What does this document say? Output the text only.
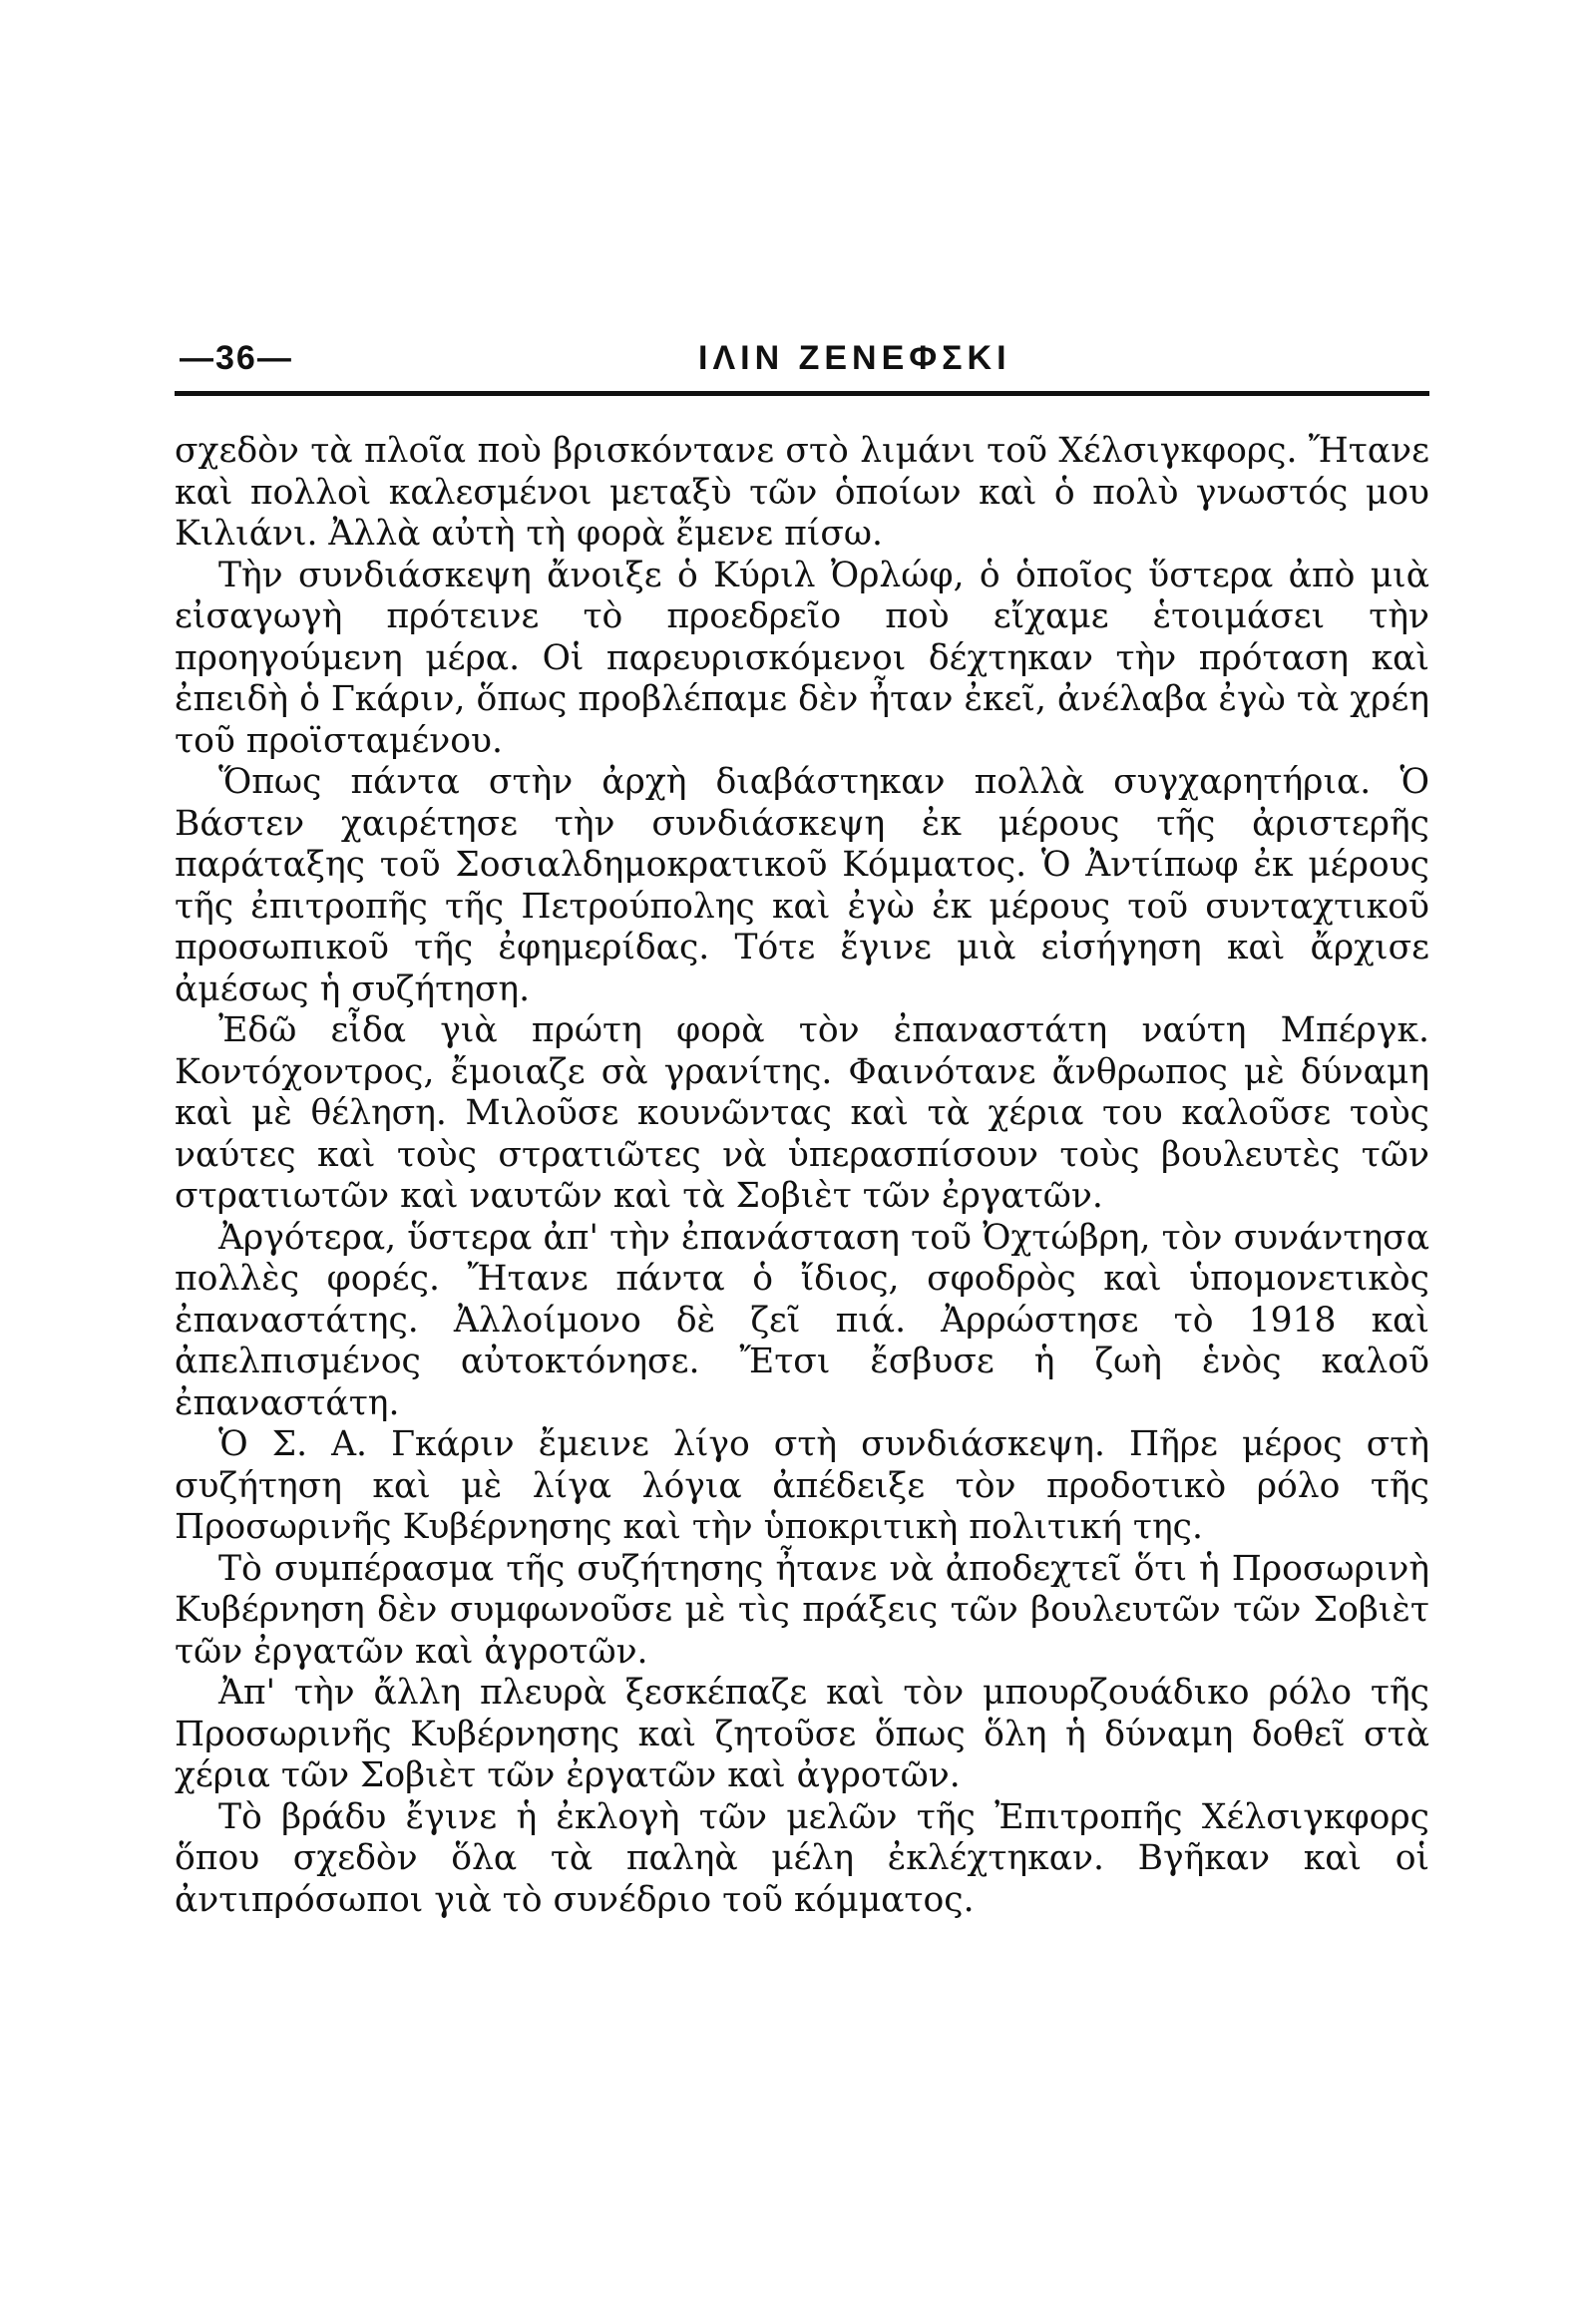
—36—	ΙΛΙΝ ΖΕΝΕΦΣΚΙ

σχεδὸν τὰ πλοῖα ποὺ βρισκόντανε στὸ λιμάνι τοῦ Χέλσιγκφορς. Ἤτανε καὶ πολλοὶ καλεσμένοι μεταξὺ τῶν ὁποίων καὶ ὁ πολὺ γνωστός μου Κιλιάνι. Ἀλλὰ αὐτὴ τὴ φορὰ ἔμενε πίσω.

Τὴν συνδιάσκεψη ἄνοιξε ὁ Κύριλ Ὀρλώφ, ὁ ὁποῖος ὕστερα ἀπὸ μιὰ εἰσαγωγὴ πρότεινε τὸ προεδρεῖο ποὺ εἴχαμε ἑτοιμάσει τὴν προηγούμενη μέρα. Οἱ παρευρισκόμενοι δέχτηκαν τὴν πρόταση καὶ ἐπειδὴ ὁ Γκάριν, ὅπως προβλέπαμε δὲν ἦταν ἐκεῖ, ἀνέλαβα ἐγὼ τὰ χρέη τοῦ προϊσταμένου.

Ὅπως πάντα στὴν ἀρχὴ διαβάστηκαν πολλὰ συγχαρητήρια. Ὁ Βάστεν χαιρέτησε τὴν συνδιάσκεψη ἐκ μέρους τῆς ἀριστερῆς παράταξης τοῦ Σοσιαλδημοκρατικοῦ Κόμματος. Ὁ Ἀντίπωφ ἐκ μέρους τῆς ἐπιτροπῆς τῆς Πετρούπολης καὶ ἐγὼ ἐκ μέρους τοῦ συνταχτικοῦ προσωπικοῦ τῆς ἐφημερίδας. Τότε ἔγινε μιὰ εἰσήγηση καὶ ἄρχισε ἀμέσως ἡ συζήτηση.

Ἐδῶ εἶδα γιὰ πρώτη φορὰ τὸν ἐπαναστάτη ναύτη Μπέργκ. Κοντόχοντρος, ἔμοιαζε σὰ γρανίτης. Φαινότανε ἄνθρωπος μὲ δύναμη καὶ μὲ θέληση. Μιλοῦσε κουνῶντας καὶ τὰ χέρια του καλοῦσε τοὺς ναύτες καὶ τοὺς στρατιῶτες νὰ ὑπερασπίσουν τοὺς βουλευτὲς τῶν στρατιωτῶν καὶ ναυτῶν καὶ τὰ Σοβιὲτ τῶν ἐργατῶν.

Ἀργότερα, ὕστερα ἀπ' τὴν ἐπανάσταση τοῦ Ὀχτώβρη, τὸν συνάντησα πολλὲς φορές. Ἤτανε πάντα ὁ ἴδιος, σφοδρὸς καὶ ὑπομονετικὸς ἐπαναστάτης. Ἀλλοίμονο δὲ ζεῖ πιά. Ἀρρώστησε τὸ 1918 καὶ ἀπελπισμένος αὐτοκτόνησε. Ἔτσι ἔσβυσε ἡ ζωὴ ἑνὸς καλοῦ ἐπαναστάτη.

Ὁ Σ. Α. Γκάριν ἔμεινε λίγο στὴ συνδιάσκεψη. Πῆρε μέρος στὴ συζήτηση καὶ μὲ λίγα λόγια ἀπέδειξε τὸν προδοτικὸ ρόλο τῆς Προσωρινῆς Κυβέρνησης καὶ τὴν ὑποκριτικὴ πολιτική της.

Τὸ συμπέρασμα τῆς συζήτησης ἦτανε νὰ ἀποδεχτεῖ ὅτι ἡ Προσωρινὴ Κυβέρνηση δὲν συμφωνοῦσε μὲ τὶς πράξεις τῶν βουλευτῶν τῶν Σοβιὲτ τῶν ἐργατῶν καὶ ἀγροτῶν.

Ἀπ' τὴν ἄλλη πλευρὰ ξεσκέπαζε καὶ τὸν μπουρζουάδικο ρόλο τῆς Προσωρινῆς Κυβέρνησης καὶ ζητοῦσε ὅπως ὅλη ἡ δύναμη δοθεῖ στὰ χέρια τῶν Σοβιὲτ τῶν ἐργατῶν καὶ ἀγροτῶν.

Τὸ βράδυ ἔγινε ἡ ἐκλογὴ τῶν μελῶν τῆς Ἐπιτροπῆς Χέλσιγκφορς ὅπου σχεδὸν ὅλα τὰ παληὰ μέλη ἐκλέχτηκαν. Βγῆκαν καὶ οἱ ἀντιπρόσωποι γιὰ τὸ συνέδριο τοῦ κόμματος.
